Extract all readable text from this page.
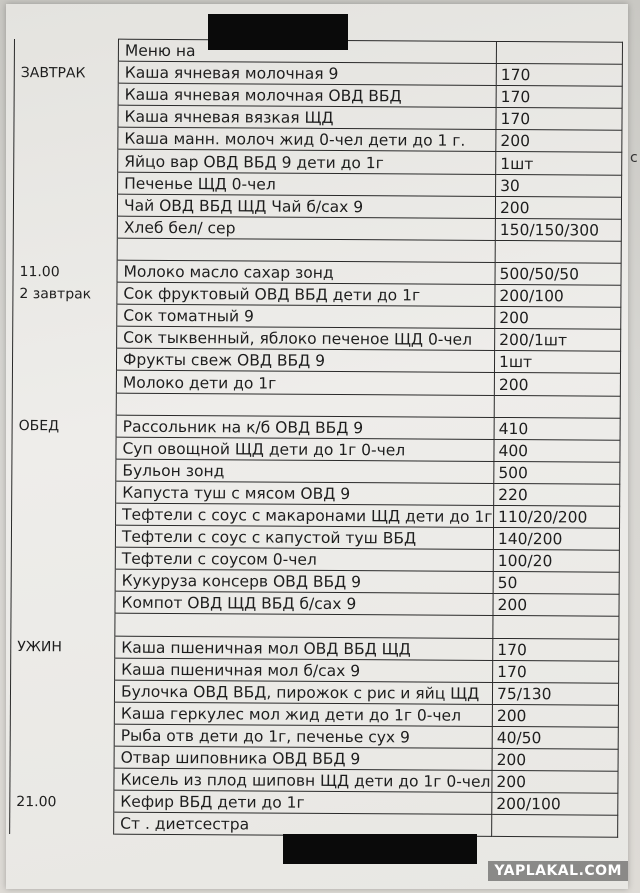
	Меню на	
ЗАВТРАК	Каша ячневая молочная 9	170
	Каша ячневая молочная ОВД ВБД	170
	Каша ячневая вязкая ЩД	170
	Каша манн. молоч жид 0-чел дети до 1 г.	200
	Яйцо вар ОВД ВБД 9 дети до 1г	1шт
	Печенье ЩД 0-чел	30
	Чай ОВД ВБД ЩД Чай б/сах 9	200
	Хлеб бел/ сер	150/150/300

11.00	Молоко масло сахар зонд	500/50/50
2 завтрак	Сок фруктовый ОВД ВБД дети до 1г	200/100
	Сок томатный 9	200
	Сок тыквенный, яблоко печеное ЩД 0-чел	200/1шт
	Фрукты свеж ОВД ВБД 9	1шт
	Молоко дети до 1г	200

ОБЕД	Рассольник на к/б ОВД ВБД 9	410
	Суп овощной ЩД дети до 1г 0-чел	400
	Бульон зонд	500
	Капуста туш с мясом ОВД 9	220
	Тефтели с соус с макаронами ЩД дети до 1г	110/20/200
	Тефтели с соус с капустой туш ВБД	140/200
	Тефтели с соусом 0-чел	100/20
	Кукуруза консерв ОВД ВБД 9	50
	Компот ОВД ЩД ВБД б/сах 9	200

УЖИН	Каша пшеничная мол ОВД ВБД ЩД	170
	Каша пшеничная мол б/сах 9	170
	Булочка ОВД ВБД, пирожок с рис и яйц ЩД	75/130
	Каша геркулес мол жид дети до 1г 0-чел	200
	Рыба отв дети до 1г, печенье сух 9	40/50
	Отвар шиповника ОВД ВБД 9	200
	Кисель из плод шиповн ЩД дети до 1г 0-чел	200
21.00	Кефир ВБД дети до 1г	200/100
	Ст . диетсестра	
с
YAPLAKAL.COM
